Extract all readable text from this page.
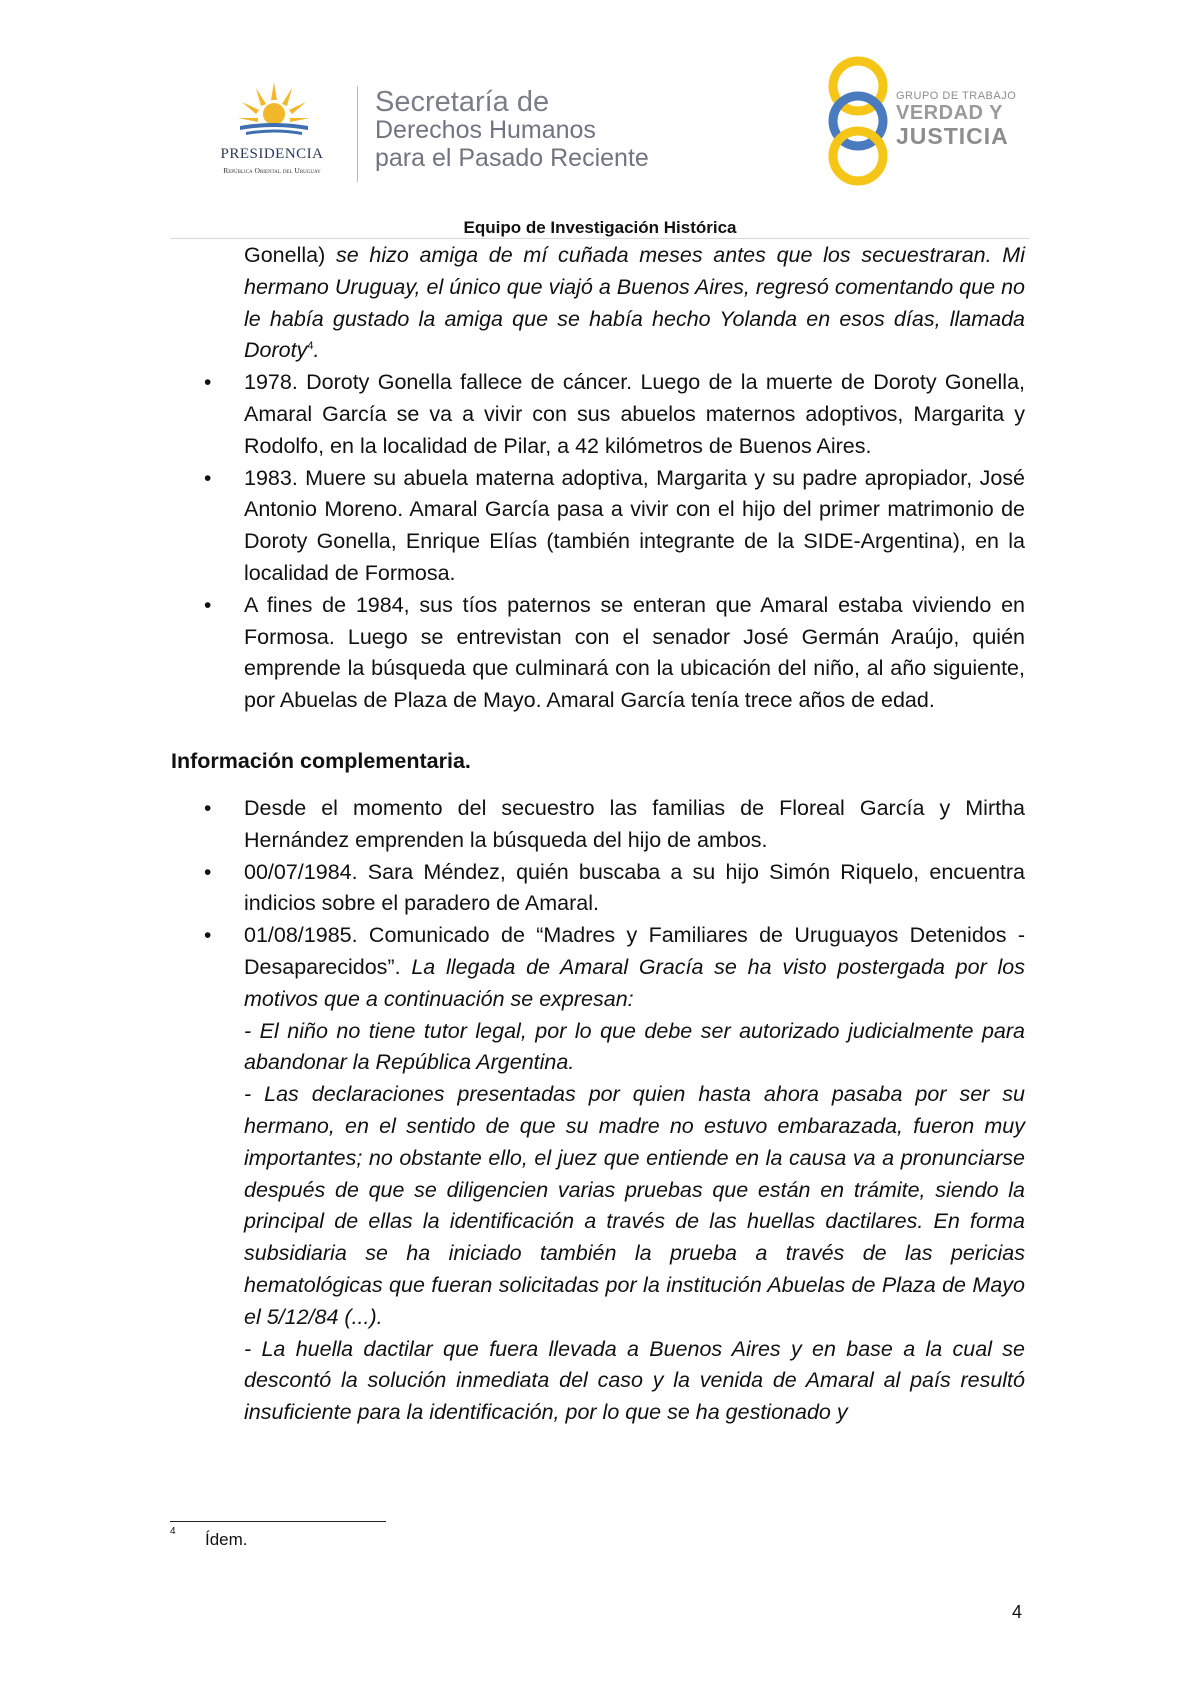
PRESIDENCIA
República Oriental del Uruguay
Secretaría de
Derechos Humanos
para el Pasado Reciente
GRUPO DE TRABAJO
VERDAD Y
JUSTICIA
Equipo de Investigación Histórica

Gonella) se hizo amiga de mí cuñada meses antes que los secuestraran. Mi hermano Uruguay, el único que viajó a Buenos Aires, regresó comentando que no le había gustado la amiga que se había hecho Yolanda en esos días, llamada Doroty$^4$.

• 1978. Doroty Gonella fallece de cáncer. Luego de la muerte de Doroty Gonella, Amaral García se va a vivir con sus abuelos maternos adoptivos, Margarita y Rodolfo, en la localidad de Pilar, a 42 kilómetros de Buenos Aires.

• 1983. Muere su abuela materna adoptiva, Margarita y su padre apropiador, José Antonio Moreno. Amaral García pasa a vivir con el hijo del primer matrimonio de Doroty Gonella, Enrique Elías (también integrante de la SIDE-Argentina), en la localidad de Formosa.

• A fines de 1984, sus tíos paternos se enteran que Amaral estaba viviendo en Formosa. Luego se entrevistan con el senador José Germán Araújo, quién emprende la búsqueda que culminará con la ubicación del niño, al año siguiente, por Abuelas de Plaza de Mayo. Amaral García tenía trece años de edad.

Información complementaria.
• Desde el momento del secuestro las familias de Floreal García y Mirtha Hernández emprenden la búsqueda del hijo de ambos.

• 00/07/1984. Sara Méndez, quién buscaba a su hijo Simón Riquelo, encuentra indicios sobre el paradero de Amaral.

• 01/08/1985. Comunicado de “Madres y Familiares de Uruguayos Detenidos - Desaparecidos”. La llegada de Amaral Gracía se ha visto postergada por los motivos que a continuación se expresan:

- El niño no tiene tutor legal, por lo que debe ser autorizado judicialmente para abandonar la República Argentina.

- Las declaraciones presentadas por quien hasta ahora pasaba por ser su hermano, en el sentido de que su madre no estuvo embarazada, fueron muy importantes; no obstante ello, el juez que entiende en la causa va a pronunciarse después de que se diligencien varias pruebas que están en trámite, siendo la principal de ellas la identificación a través de las huellas dactilares. En forma subsidiaria se ha iniciado también la prueba a través de las pericias hematológicas que fueran solicitadas por la institución Abuelas de Plaza de Mayo el 5/12/84 (...).

- La huella dactilar que fuera llevada a Buenos Aires y en base a la cual se descontó la solución inmediata del caso y la venida de Amaral al país resultó insuficiente para la identificación, por lo que se ha gestionado y

$^4$ Ídem.
4
